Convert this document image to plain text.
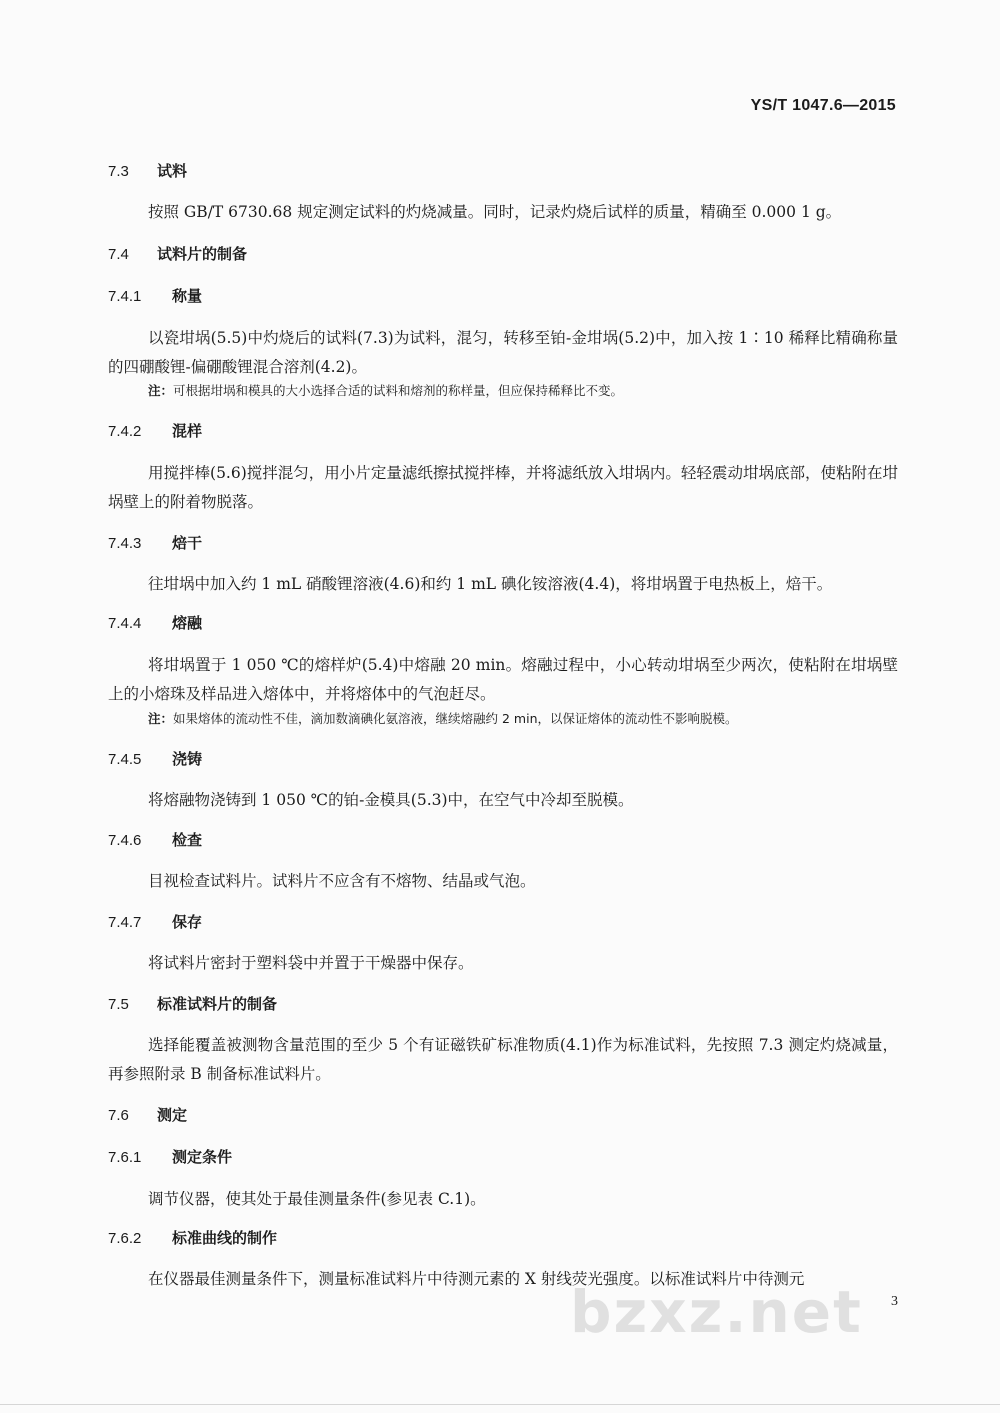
YS/T 1047.6—2015
7.3 试料
按照 GB/T 6730.68 规定测定试料的灼烧减量。同时，记录灼烧后试样的质量，精确至 0.000 1 g。
7.4 试料片的制备
7.4.1 称量
以瓷坩埚(5.5)中灼烧后的试料(7.3)为试料，混匀，转移至铂-金坩埚(5.2)中，加入按 1∶10 稀释比精确称量的四硼酸锂-偏硼酸锂混合溶剂(4.2)。
注：可根据坩埚和模具的大小选择合适的试料和熔剂的称样量，但应保持稀释比不变。
7.4.2 混样
用搅拌棒(5.6)搅拌混匀，用小片定量滤纸擦拭搅拌棒，并将滤纸放入坩埚内。轻轻震动坩埚底部，使粘附在坩埚壁上的附着物脱落。
7.4.3 焙干
往坩埚中加入约 1 mL 硝酸锂溶液(4.6)和约 1 mL 碘化铵溶液(4.4)，将坩埚置于电热板上，焙干。
7.4.4 熔融
将坩埚置于 1 050 ℃的熔样炉(5.4)中熔融 20 min。熔融过程中，小心转动坩埚至少两次，使粘附在坩埚壁上的小熔珠及样品进入熔体中，并将熔体中的气泡赶尽。
注：如果熔体的流动性不佳，滴加数滴碘化氨溶液，继续熔融约 2 min，以保证熔体的流动性不影响脱模。
7.4.5 浇铸
将熔融物浇铸到 1 050 ℃的铂-金模具(5.3)中，在空气中冷却至脱模。
7.4.6 检查
目视检查试料片。试料片不应含有不熔物、结晶或气泡。
7.4.7 保存
将试料片密封于塑料袋中并置于干燥器中保存。
7.5 标准试料片的制备
选择能覆盖被测物含量范围的至少 5 个有证磁铁矿标准物质(4.1)作为标准试料，先按照 7.3 测定灼烧减量，再参照附录 B 制备标准试料片。
7.6 测定
7.6.1 测定条件
调节仪器，使其处于最佳测量条件(参见表 C.1)。
7.6.2 标准曲线的制作
在仪器最佳测量条件下，测量标准试料片中待测元素的 X 射线荧光强度。以标准试料片中待测元
bzxz.net	3
